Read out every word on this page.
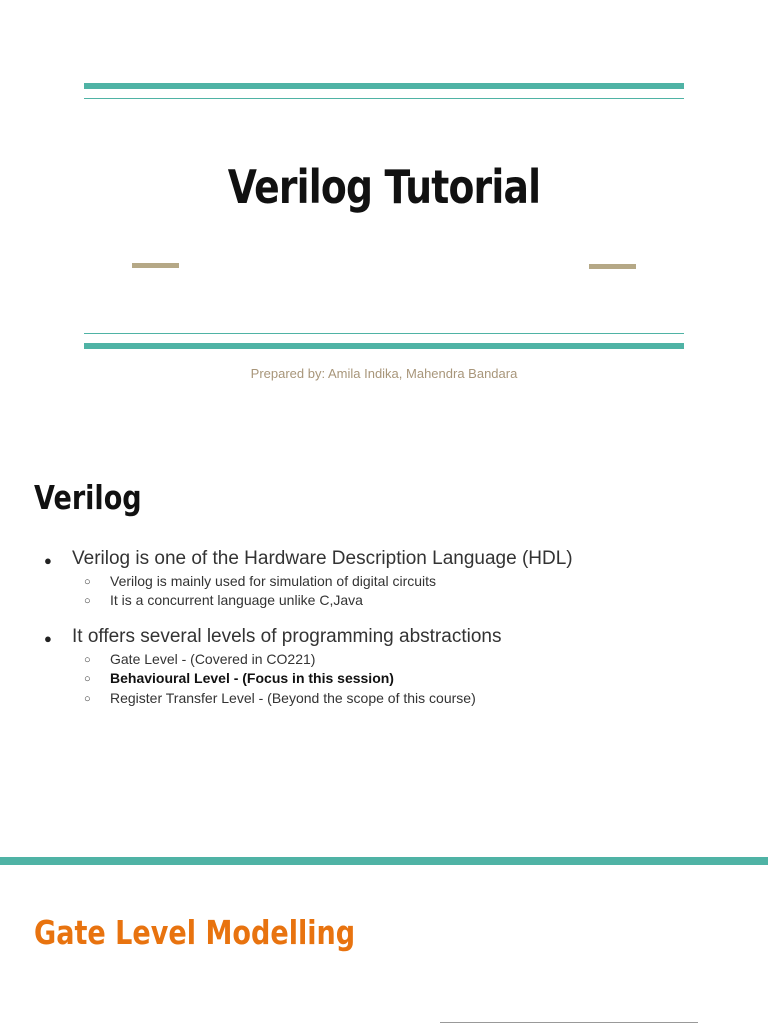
Verilog Tutorial
Prepared by: Amila Indika, Mahendra Bandara
Verilog
● Verilog is one of the Hardware Description Language (HDL)
○ Verilog is mainly used for simulation of digital circuits
○ It is a concurrent language unlike C,Java
● It offers several levels of programming abstractions
○ Gate Level - (Covered in CO221)
○ Behavioural Level - (Focus in this session)
○ Register Transfer Level - (Beyond the scope of this course)
Gate Level Modelling
